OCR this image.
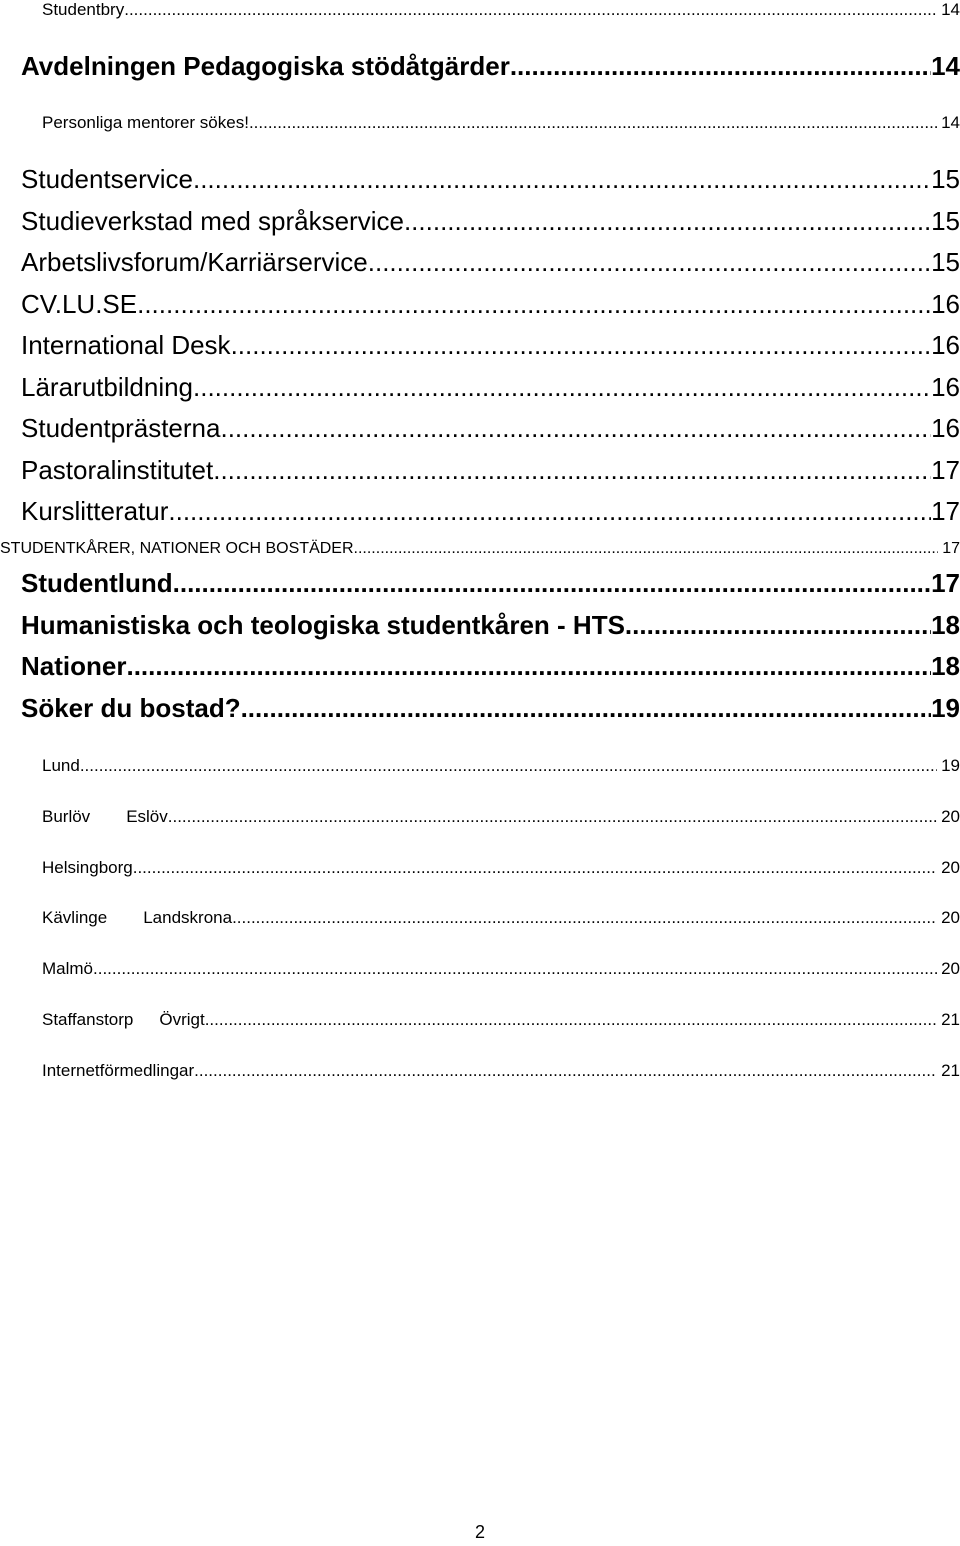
Studentbry .....	14
Avdelningen Pedagogiska stödåtgärder .....	14
Personliga mentorer sökes! .....	14
Studentservice .....	15
Studieverkstad med språkservice .....	15
Arbetslivsforum/Karriärservice .....	15
CV.LU.SE .....	16
International Desk .....	16
Lärarutbildning .....	16
Studentprästerna .....	16
Pastoralinstitutet .....	17
Kurslitteratur .....	17
STUDENTKÅRER, NATIONER OCH BOSTÄDER .....	17
Studentlund .....	17
Humanistiska och teologiska studentkåren - HTS .....	18
Nationer .....	18
Söker du bostad? .....	19
Lund .....	19
Burlöv Eslöv .....	20
Helsingborg .....	20
Kävlinge Landskrona .....	20
Malmö .....	20
Staffanstorp Övrigt .....	21
Internetförmedlingar .....	21
2
